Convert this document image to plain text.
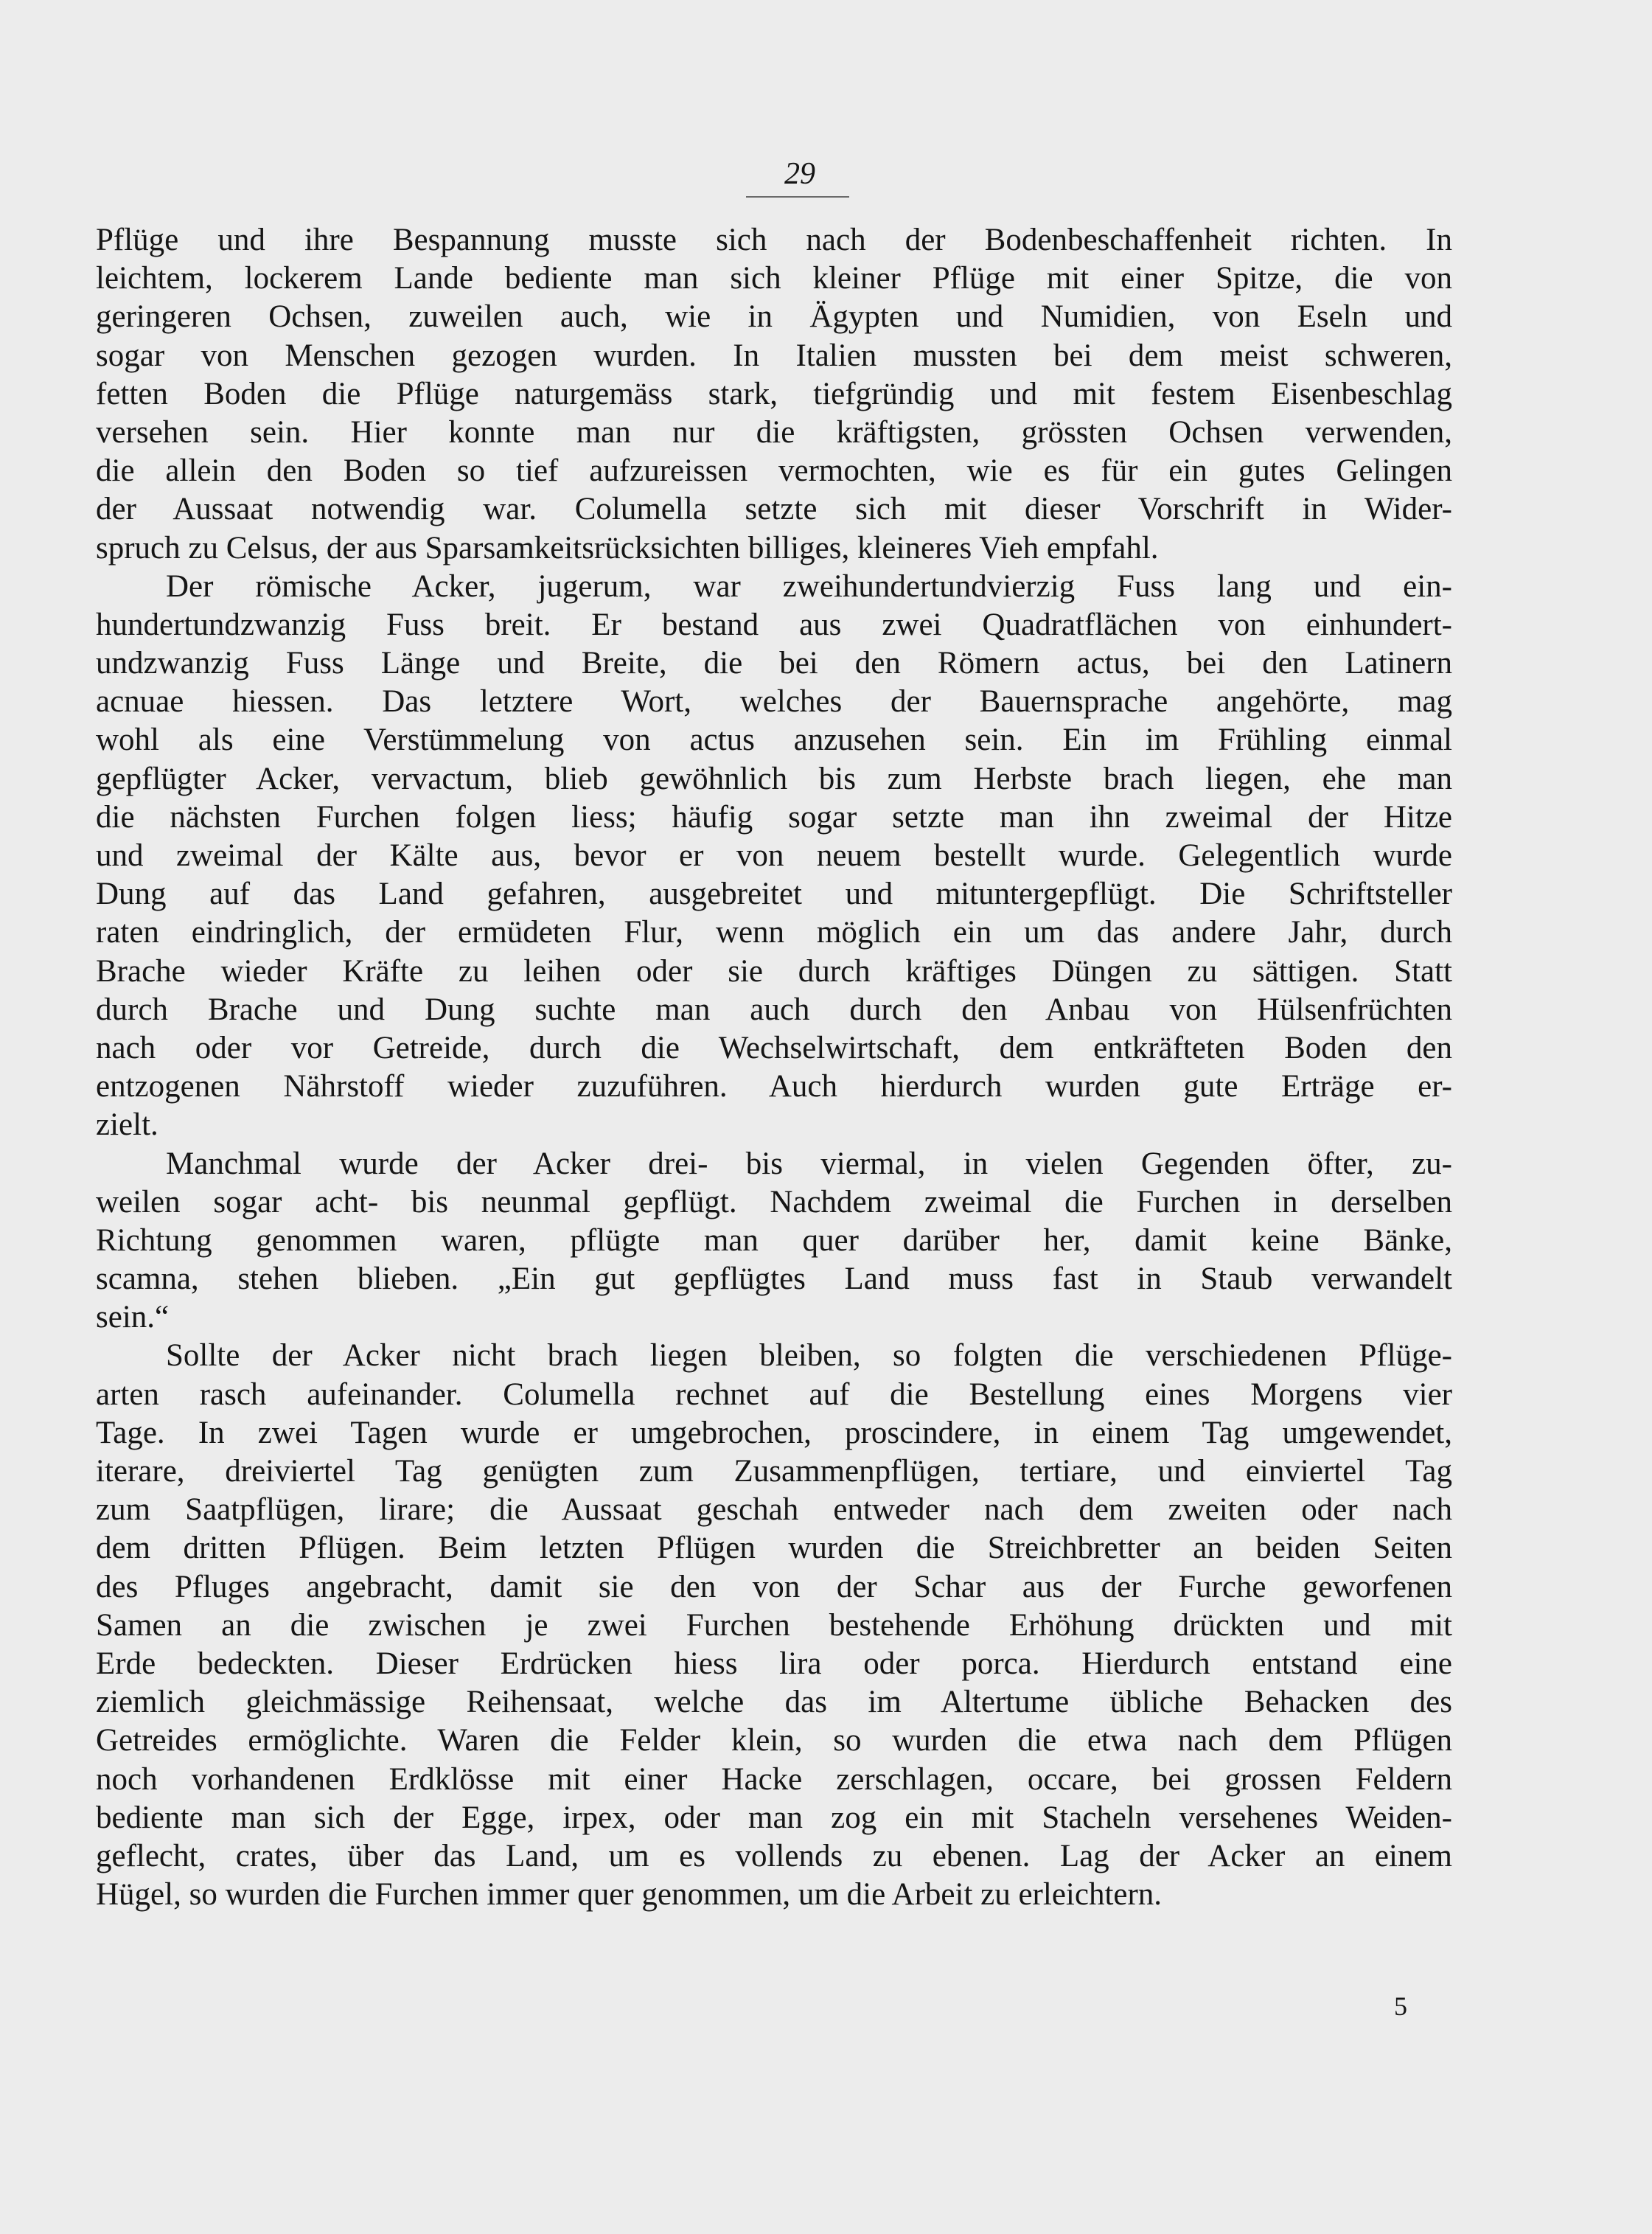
29
Pflüge und ihre Bespannung musste sich nach der Bodenbeschaffenheit richten. In
leichtem, lockerem Lande bediente man sich kleiner Pflüge mit einer Spitze, die von
geringeren Ochsen, zuweilen auch, wie in Ägypten und Numidien, von Eseln und
sogar von Menschen gezogen wurden. In Italien mussten bei dem meist schweren,
fetten Boden die Pflüge naturgemäss stark, tiefgründig und mit festem Eisenbeschlag
versehen sein. Hier konnte man nur die kräftigsten, grössten Ochsen verwenden,
die allein den Boden so tief aufzureissen vermochten, wie es für ein gutes Gelingen
der Aussaat notwendig war. Columella setzte sich mit dieser Vorschrift in Wider-
spruch zu Celsus, der aus Sparsamkeitsrücksichten billiges, kleineres Vieh empfahl.
Der römische Acker, jugerum, war zweihundertundvierzig Fuss lang und ein-
hundertundzwanzig Fuss breit. Er bestand aus zwei Quadratflächen von einhundert-
undzwanzig Fuss Länge und Breite, die bei den Römern actus, bei den Latinern
acnuae hiessen. Das letztere Wort, welches der Bauernsprache angehörte, mag
wohl als eine Verstümmelung von actus anzusehen sein. Ein im Frühling einmal
gepflügter Acker, vervactum, blieb gewöhnlich bis zum Herbste brach liegen, ehe man
die nächsten Furchen folgen liess; häufig sogar setzte man ihn zweimal der Hitze
und zweimal der Kälte aus, bevor er von neuem bestellt wurde. Gelegentlich wurde
Dung auf das Land gefahren, ausgebreitet und mituntergepflügt. Die Schriftsteller
raten eindringlich, der ermüdeten Flur, wenn möglich ein um das andere Jahr, durch
Brache wieder Kräfte zu leihen oder sie durch kräftiges Düngen zu sättigen. Statt
durch Brache und Dung suchte man auch durch den Anbau von Hülsenfrüchten
nach oder vor Getreide, durch die Wechselwirtschaft, dem entkräfteten Boden den
entzogenen Nährstoff wieder zuzuführen. Auch hierdurch wurden gute Erträge er-
zielt.
Manchmal wurde der Acker drei- bis viermal, in vielen Gegenden öfter, zu-
weilen sogar acht- bis neunmal gepflügt. Nachdem zweimal die Furchen in derselben
Richtung genommen waren, pflügte man quer darüber her, damit keine Bänke,
scamna, stehen blieben. „Ein gut gepflügtes Land muss fast in Staub verwandelt
sein.“
Sollte der Acker nicht brach liegen bleiben, so folgten die verschiedenen Pflüge-
arten rasch aufeinander. Columella rechnet auf die Bestellung eines Morgens vier
Tage. In zwei Tagen wurde er umgebrochen, proscindere, in einem Tag umgewendet,
iterare, dreiviertel Tag genügten zum Zusammenpflügen, tertiare, und einviertel Tag
zum Saatpflügen, lirare; die Aussaat geschah entweder nach dem zweiten oder nach
dem dritten Pflügen. Beim letzten Pflügen wurden die Streichbretter an beiden Seiten
des Pfluges angebracht, damit sie den von der Schar aus der Furche geworfenen
Samen an die zwischen je zwei Furchen bestehende Erhöhung drückten und mit
Erde bedeckten. Dieser Erdrücken hiess lira oder porca. Hierdurch entstand eine
ziemlich gleichmässige Reihensaat, welche das im Altertume übliche Behacken des
Getreides ermöglichte. Waren die Felder klein, so wurden die etwa nach dem Pflügen
noch vorhandenen Erdklösse mit einer Hacke zerschlagen, occare, bei grossen Feldern
bediente man sich der Egge, irpex, oder man zog ein mit Stacheln versehenes Weiden-
geflecht, crates, über das Land, um es vollends zu ebenen. Lag der Acker an einem
Hügel, so wurden die Furchen immer quer genommen, um die Arbeit zu erleichtern.
5
